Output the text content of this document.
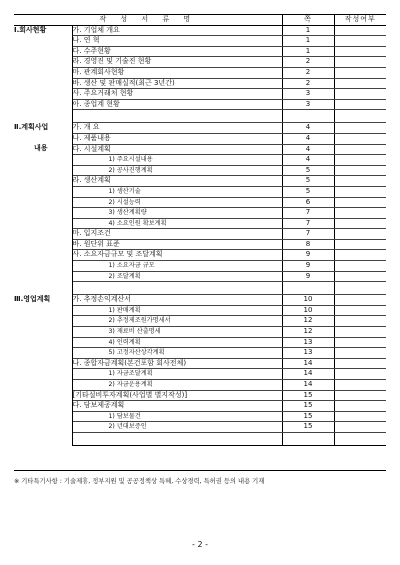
작 성 서 류 명		쪽	작성여부
I.회사현황	가. 기업체 개요	1	
	나. 연 혁	1	
	다. 수주현황	1	
	라. 경영진 및 기술진 현황	2	
	마. 관계회사현황	2	
	바. 생산 및 판매실적(최근 3년간)	2	
	사. 주요거래처 현황	3	
	아. 종업계 현황	3	

Ⅱ.계획사업	가. 개 요	4	
	나. 제품내용	4	
내용	다. 시설계획	4	
	1) 주요시설내용	4	
	2) 공사진행계획	5	
	라. 생산계획	5	
	1) 생산기술	5	
	2) 시설능력	6	
	3) 생산계획량	7	
	4) 소요인원 확보계획	7	
	마. 입지조건	7	
	바. 원단위 표준	8	
	사. 소요자금규모 및 조달계획	9	
	1) 소요자금 규모	9	
	2) 조달계획	9	

Ⅲ.영업계획	가. 추정손익계산서	10	
	1) 판매계획	10	
	2) 추정제조원가명세서	12	
	3) 재료비 산출명세	12	
	4) 인력계획	13	
	5) 고정자산상각계획	13	
	나. 종합자금계획(본건포함 회사전체)	14	
	1) 자금조달계획	14	
	2) 자금운용계획	14	
	[기타설비투자계획(사업별 별지작성)]	15	
	다. 담보제공계획	15	
	1) 담보물건	15	
	2) 년대보증인	15	

※ 기타특기사항 : 기술제휴, 정부지원 및 공공정책상 특혜, 수상경력, 특허권 등의 내용 기재
- 2 -
